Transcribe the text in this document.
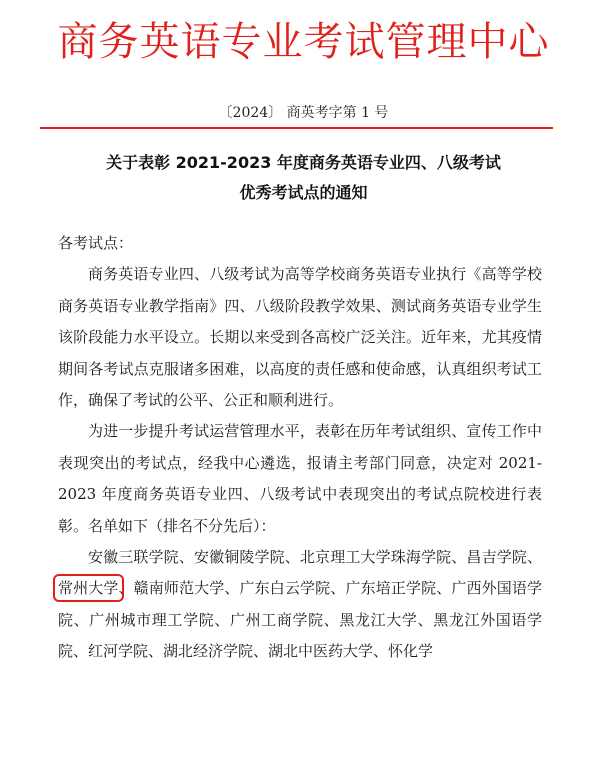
商务英语专业考试管理中心
〔2024〕 商英考字第 1 号
关于表彰 2021-2023 年度商务英语专业四、八级考试
优秀考试点的通知

各考试点：

商务英语专业四、八级考试为高等学校商务英语专业执行《高等学校商务英语专业教学指南》四、八级阶段教学效果、测试商务英语专业学生该阶段能力水平设立。长期以来受到各高校广泛关注。近年来，尤其疫情期间各考试点克服诸多困难，以高度的责任感和使命感，认真组织考试工作，确保了考试的公平、公正和顺利进行。

为进一步提升考试运营管理水平，表彰在历年考试组织、宣传工作中表现突出的考试点，经我中心遴选，报请主考部门同意，决定对 2021-2023 年度商务英语专业四、八级考试中表现突出的考试点院校进行表彰。名单如下（排名不分先后）：

安徽三联学院、安徽铜陵学院、北京理工大学珠海学院、昌吉学院、常州大学、赣南师范大学、广东白云学院、广东培正学院、广西外国语学院、广州城市理工学院、广州工商学院、黑龙江大学、黑龙江外国语学院、红河学院、湖北经济学院、湖北中医药大学、怀化学
